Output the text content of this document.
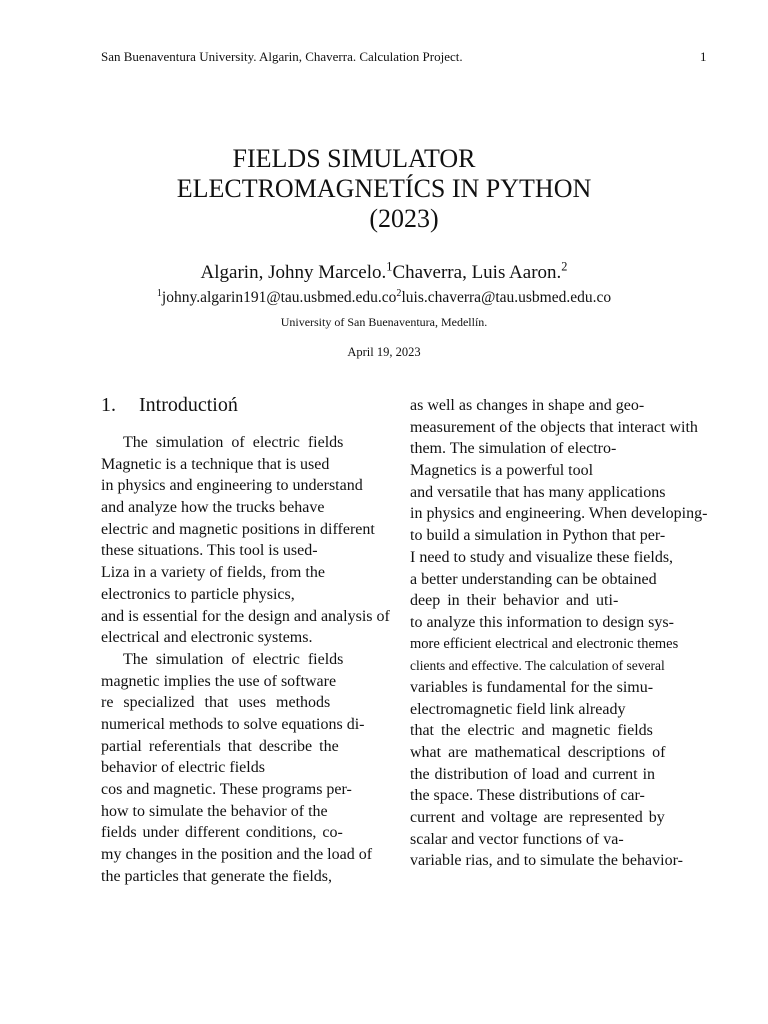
San Buenaventura University. Algarin, Chaverra. Calculation Project.	1
FIELDS SIMULATOR
ELECTROMAGNETÍCS IN PYTHON
(2023)
Algarin, Johny Marcelo.$^1$Chaverra, Luis Aaron.$^2$
$^1johny.algarin191@tau.usbmed.edu.co^2luis.chaverra@tau.usbmed.edu.co$
University of San Buenaventura, Medellín.
April 19, 2023
1. Introductioń
The simulation of electric fields
Magnetic is a technique that is used
in physics and engineering to understand
and analyze how the trucks behave
electric and magnetic positions in different
these situations. This tool is used-
Liza in a variety of fields, from the
electronics to particle physics,
and is essential for the design and analysis of
electrical and electronic systems.
The simulation of electric fields
magnetic implies the use of software
re specialized that uses methods
numerical methods to solve equations di-
partial referentials that describe the
behavior of electric fields
cos and magnetic. These programs per-
how to simulate the behavior of the
fields under different conditions, co-
my changes in the position and the load of
the particles that generate the fields,
as well as changes in shape and geo-
measurement of the objects that interact with
them. The simulation of electro-
Magnetics is a powerful tool
and versatile that has many applications
in physics and engineering. When developing-
to build a simulation in Python that per-
I need to study and visualize these fields,
a better understanding can be obtained
deep in their behavior and uti-
to analyze this information to design sys-
more efficient electrical and electronic themes
clients and effective. The calculation of several
variables is fundamental for the simu-
electromagnetic field link already
that the electric and magnetic fields
what are mathematical descriptions of
the distribution of load and current in
the space. These distributions of car-
current and voltage are represented by
scalar and vector functions of va-
variable rias, and to simulate the behavior-
